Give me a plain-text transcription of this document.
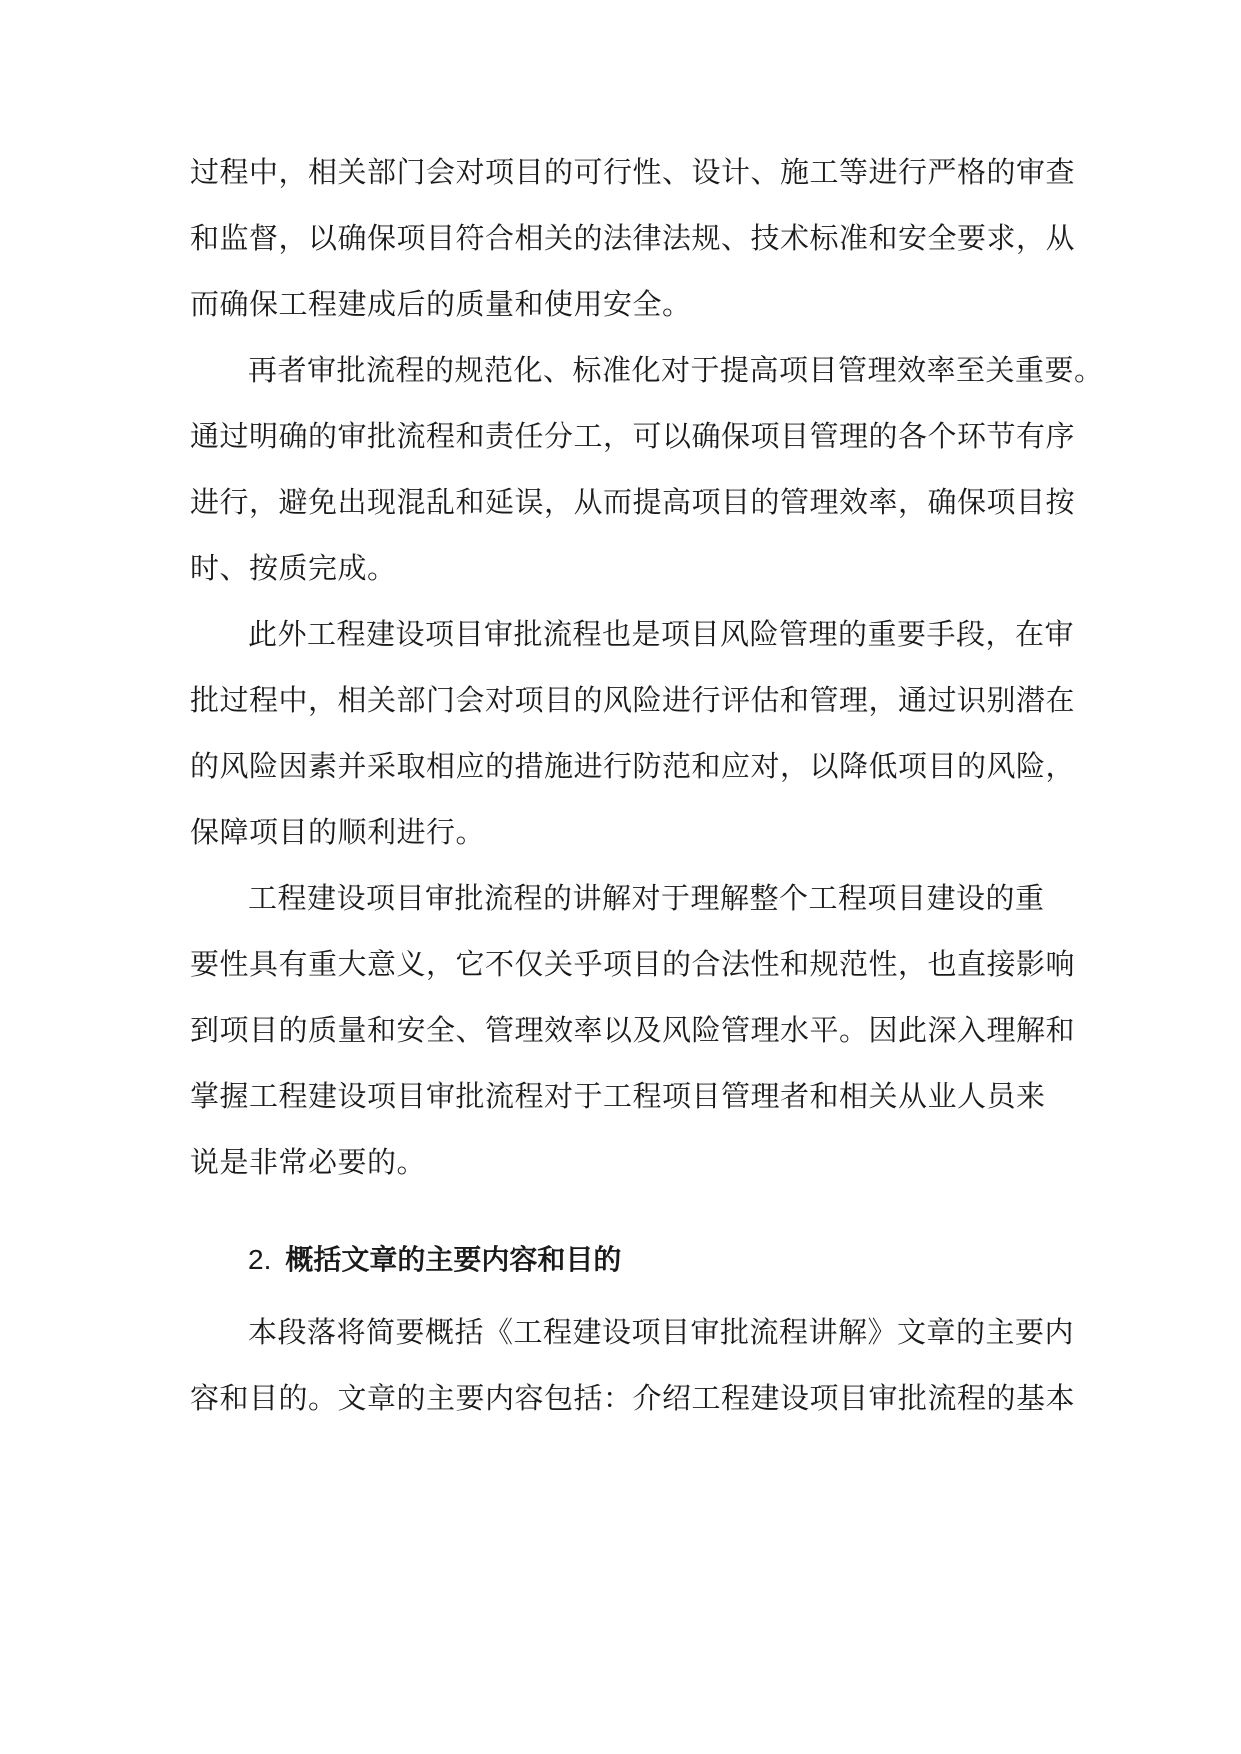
过程中，相关部门会对项目的可行性、设计、施工等进行严格的审查
和监督，以确保项目符合相关的法律法规、技术标准和安全要求，从
而确保工程建成后的质量和使用安全。
再者审批流程的规范化、标准化对于提高项目管理效率至关重要。
通过明确的审批流程和责任分工，可以确保项目管理的各个环节有序
进行，避免出现混乱和延误，从而提高项目的管理效率，确保项目按
时、按质完成。
此外工程建设项目审批流程也是项目风险管理的重要手段，在审
批过程中，相关部门会对项目的风险进行评估和管理，通过识别潜在
的风险因素并采取相应的措施进行防范和应对，以降低项目的风险，
保障项目的顺利进行。
工程建设项目审批流程的讲解对于理解整个工程项目建设的重
要性具有重大意义，它不仅关乎项目的合法性和规范性，也直接影响
到项目的质量和安全、管理效率以及风险管理水平。因此深入理解和
掌握工程建设项目审批流程对于工程项目管理者和相关从业人员来
说是非常必要的。
2. 概括文章的主要内容和目的
本段落将简要概括《工程建设项目审批流程讲解》文章的主要内
容和目的。文章的主要内容包括：介绍工程建设项目审批流程的基本
